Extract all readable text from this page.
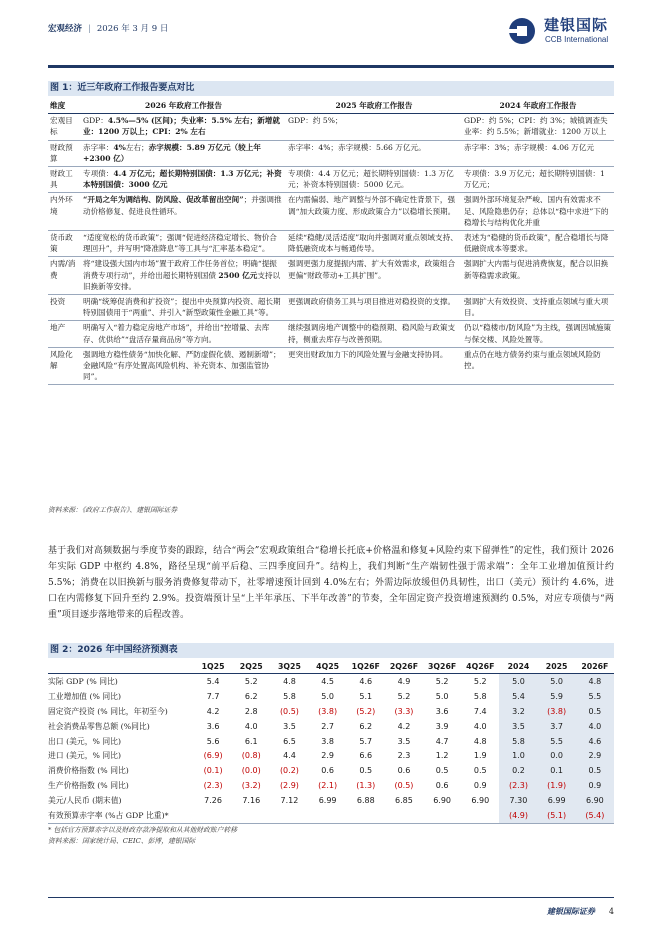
宏观经济 | 2026 年 3 月 9 日	建银国际
CCB International
图 1：近三年政府工作报告要点对比
维度	2026 年政府工作报告	2025 年政府工作报告	2024 年政府工作报告
宏观目标	GDP：4.5%—5% (区间)；失业率：5.5% 左右；新增就业：1200 万以上；CPI：2% 左右	GDP：约 5%；	GDP：约 5%；CPI：约 3%；城镇调查失业率：约 5.5%；新增就业：1200 万以上
财政预算	赤字率：4%左右；赤字规模：5.89 万亿元（较上年+2300 亿）	赤字率：4%；赤字规模：5.66 万亿元。	赤字率：3%；赤字规模：4.06 万亿元
财政工具	专项债：4.4 万亿元；超长期特别国债：1.3 万亿元；补资本特别国债：3000 亿元	专项债：4.4 万亿元；超长期特别国债：1.3 万亿元；补资本特别国债：5000 亿元。	专项债：3.9 万亿元；超长期特别国债：1 万亿元；
内外环境	“开局之年为调结构、防风险、促改革留出空间”；并强调推动价格修复、促进良性循环。	在内需偏弱、地产调整与外部不确定性背景下，强调“加大政策力度、形成政策合力”以稳增长预期。	强调外部环境复杂严峻、国内有效需求不足、风险隐患仍存；总体以“稳中求进”下的稳增长与结构优化并重
货币政策	“适度宽松的货币政策”；强调“促进经济稳定增长、物价合理回升”，并写明“降准降息”等工具与“汇率基本稳定”。	延续“稳健/灵活适度”取向并强调对重点领域支持、降低融资成本与畅通传导。	表述为“稳健的货币政策”，配合稳增长与降低融资成本等要求。
内需/消费	将“建设强大国内市场”置于政府工作任务首位；明确“提振消费专项行动”，并给出超长期特别国债 2500 亿元支持以旧换新等安排。	强调更强力度提振内需、扩大有效需求，政策组合更偏“财政带动+工具扩围”。	强调扩大内需与促进消费恢复，配合以旧换新等稳需求政策。
投资	明确“统筹促消费和扩投资”；提出中央预算内投资、超长期特别国债用于“两重”、并引入“新型政策性金融工具”等。	更强调政府债务工具与项目推进对稳投资的支撑。	强调扩大有效投资、支持重点领域与重大项目。
地产	明确写入“着力稳定房地产市场”，并给出“控增量、去库存、优供给”“盘活存量商品房”等方向。	继续强调房地产调整中的稳预期、稳风险与政策支持，侧重去库存与改善预期。	仍以“稳楼市/防风险”为主线，强调因城施策与保交楼、风险处置等。
风险化解	强调地方稳性债务“加快化解、严防虚假化债、遏制新增”；金融风险“有序处置高风险机构、补充资本、加强监管协同”。	更突出财政加力下的风险处置与金融支持协同。	重点仍在地方债务约束与重点领域风险防控。
资料来源：《政府工作报告》、建银国际证券
基于我们对高频数据与季度节奏的跟踪，结合“两会”宏观政策组合“稳增长托底+价格温和修复+风险约束下留弹性”的定性，我们预计 2026 年实际 GDP 中枢约 4.8%，路径呈现“前平后稳、三四季度回升”。结构上，我们判断“生产端韧性强于需求端”：全年工业增加值预计约 5.5%；消费在以旧换新与服务消费修复带动下，社零增速预计回到 4.0%左右；外需边际放缓但仍具韧性，出口（美元）预计约 4.6%，进口在内需修复下回升至约 2.9%。投资端预计呈“上半年承压、下半年改善”的节奏，全年固定资产投资增速预测约 0.5%，对应专项债与“两重”项目逐步落地带来的后程改善。
图 2：2026 年中国经济预测表
	1Q25	2Q25	3Q25	4Q25	1Q26F	2Q26F	3Q26F	4Q26F	2024	2025	2026F
实际 GDP (% 同比)	5.4	5.2	4.8	4.5	4.6	4.9	5.2	5.2	5.0	5.0	4.8
工业增加值 (% 同比)	7.7	6.2	5.8	5.0	5.1	5.2	5.0	5.8	5.4	5.9	5.5
固定资产投资 (% 同比，年初至今)	4.2	2.8	(0.5)	(3.8)	(5.2)	(3.3)	3.6	7.4	3.2	(3.8)	0.5
社会消费品零售总额 (%同比)	3.6	4.0	3.5	2.7	6.2	4.2	3.9	4.0	3.5	3.7	4.0
出口 (美元，% 同比)	5.6	6.1	6.5	3.8	5.7	3.5	4.7	4.8	5.8	5.5	4.6
进口 (美元，% 同比)	(6.9)	(0.8)	4.4	2.9	6.6	2.3	1.2	1.9	1.0	0.0	2.9
消费价格指数 (% 同比)	(0.1)	(0.0)	(0.2)	0.6	0.5	0.6	0.5	0.5	0.2	0.1	0.5
生产价格指数 (% 同比)	(2.3)	(3.2)	(2.9)	(2.1)	(1.3)	(0.5)	0.6	0.9	(2.3)	(1.9)	0.9
美元/人民币 (期末值)	7.26	7.16	7.12	6.99	6.88	6.85	6.90	6.90	7.30	6.99	6.90
有效预算赤字率 (%占 GDP 比重)*									(4.9)	(5.1)	(5.4)
* 包括官方预算赤字以及财政存款净提取和从其他财政账户转移
资料来源：国家统计局、CEIC、彭博，建银国际
建银国际证券 4
